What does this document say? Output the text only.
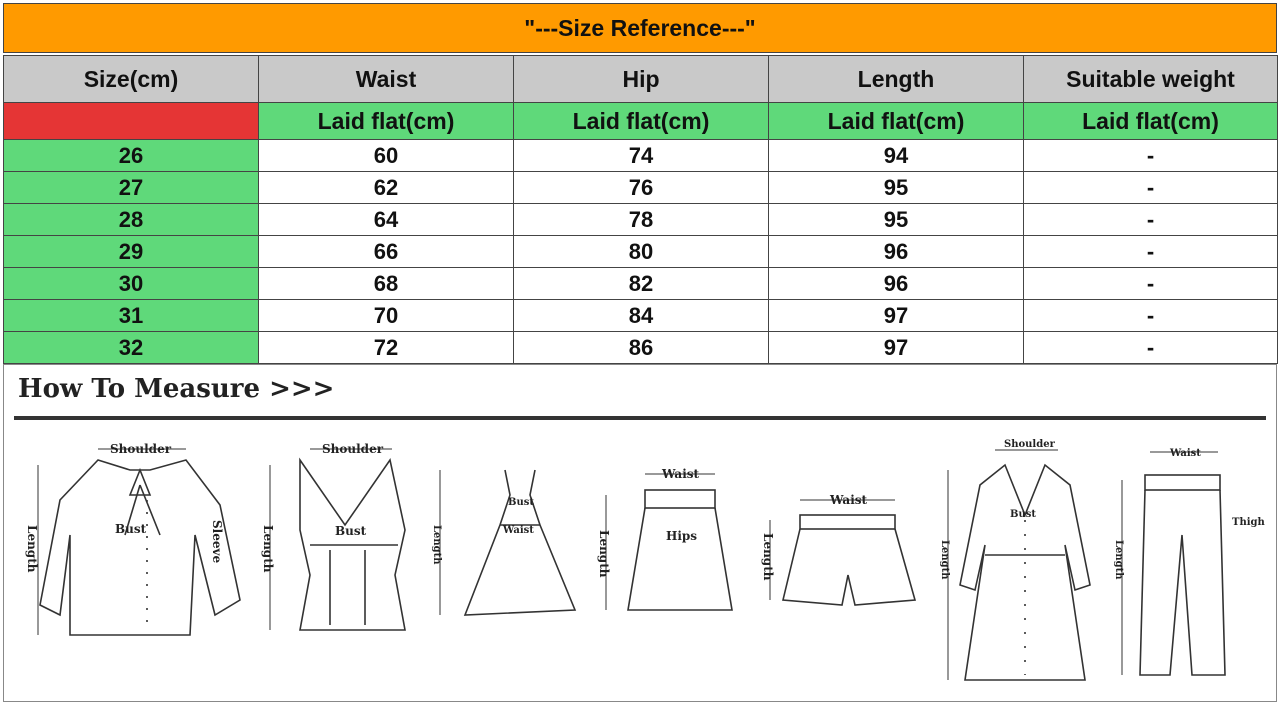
"---Size Reference---"
Size(cm)	Waist	Hip	Length	Suitable weight
	Laid flat(cm)	Laid flat(cm)	Laid flat(cm)	Laid flat(cm)
26	60	74	94	-
27	62	76	95	-
28	64	78	95	-
29	66	80	96	-
30	68	82	96	-
31	70	84	97	-
32	72	86	97	-
How To Measure >>>
Shoulder
Bust	Sleeve
Length
Shoulder
Bust
Length
Bust
Waist
Length
Waist
Hips
Length
Waist
Length
Shoulder
Bust
Length
Waist
Thigh
Length
